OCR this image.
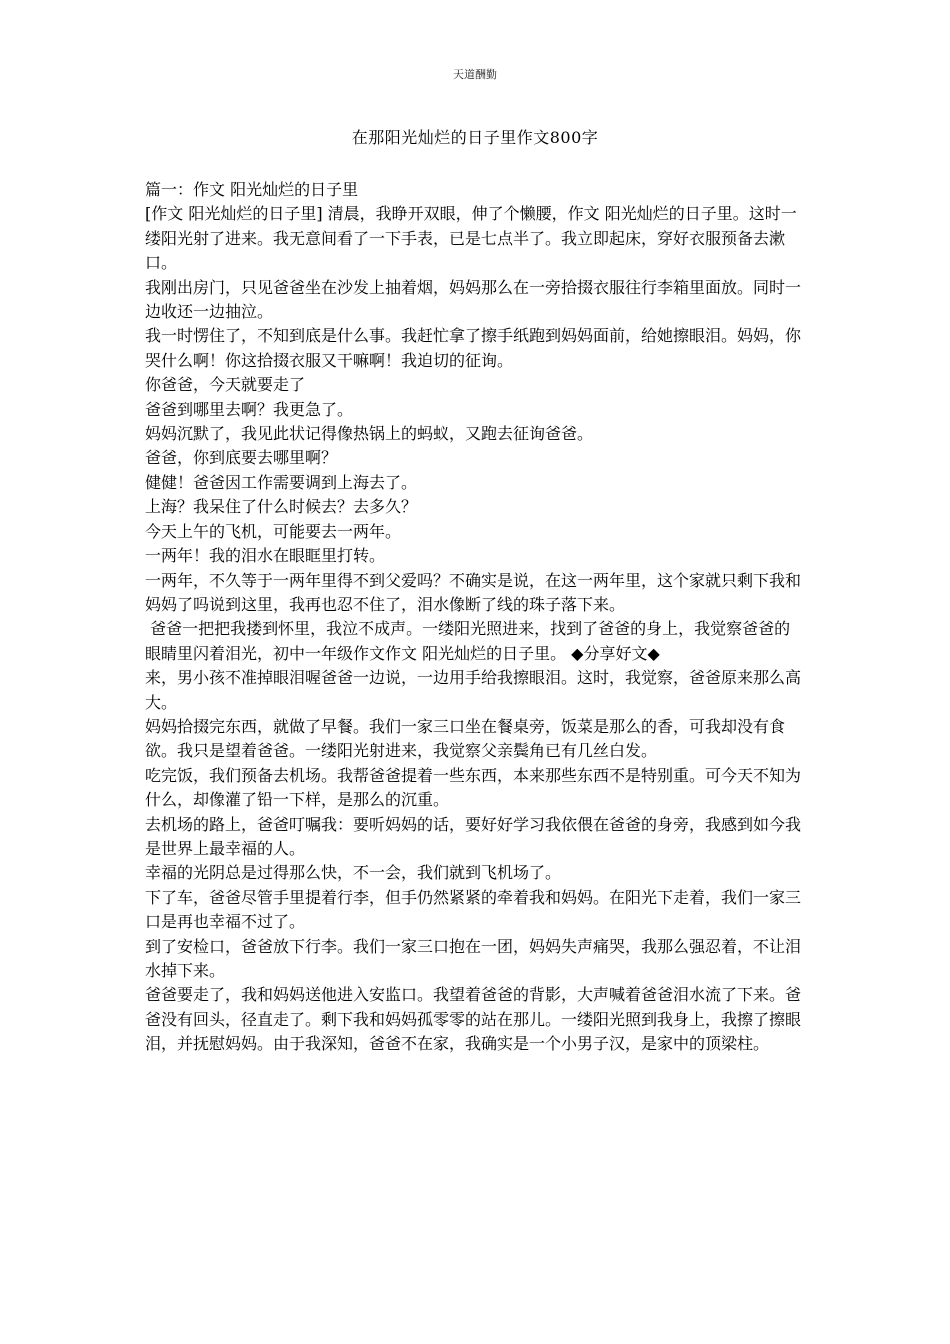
天道酬勤
在那阳光灿烂的日子里作文800字

篇一：作文 阳光灿烂的日子里

[作文 阳光灿烂的日子里] 清晨，我睁开双眼，伸了个懒腰，作文 阳光灿烂的日子里。这时一缕阳光射了进来。我无意间看了一下手表，已是七点半了。我立即起床，穿好衣服预备去漱口。

我刚出房门，只见爸爸坐在沙发上抽着烟，妈妈那么在一旁拾掇衣服往行李箱里面放。同时一边收还一边抽泣。

我一时愣住了，不知到底是什么事。我赶忙拿了擦手纸跑到妈妈面前，给她擦眼泪。妈妈，你哭什么啊！你这拾掇衣服又干嘛啊！我迫切的征询。

你爸爸，今天就要走了

爸爸到哪里去啊？我更急了。

妈妈沉默了，我见此状记得像热锅上的蚂蚁，又跑去征询爸爸。

爸爸，你到底要去哪里啊？

健健！爸爸因工作需要调到上海去了。

上海？我呆住了什么时候去？去多久？

今天上午的飞机，可能要去一两年。

一两年！我的泪水在眼眶里打转。

一两年，不久等于一两年里得不到父爱吗？不确实是说，在这一两年里，这个家就只剩下我和妈妈了吗说到这里，我再也忍不住了，泪水像断了线的珠子落下来。

爸爸一把把我搂到怀里，我泣不成声。一缕阳光照进来，找到了爸爸的身上，我觉察爸爸的眼睛里闪着泪光，初中一年级作文作文 阳光灿烂的日子里。 ◆分享好文◆

来，男小孩不准掉眼泪喔爸爸一边说，一边用手给我擦眼泪。这时，我觉察，爸爸原来那么高大。

妈妈拾掇完东西，就做了早餐。我们一家三口坐在餐桌旁，饭菜是那么的香，可我却没有食欲。我只是望着爸爸。一缕阳光射进来，我觉察父亲鬓角已有几丝白发。

吃完饭，我们预备去机场。我帮爸爸提着一些东西，本来那些东西不是特别重。可今天不知为什么，却像灌了铅一下样，是那么的沉重。

去机场的路上，爸爸叮嘱我：要听妈妈的话，要好好学习我依偎在爸爸的身旁，我感到如今我是世界上最幸福的人。

幸福的光阴总是过得那么快，不一会，我们就到飞机场了。

下了车，爸爸尽管手里提着行李，但手仍然紧紧的牵着我和妈妈。在阳光下走着，我们一家三口是再也幸福不过了。

到了安检口，爸爸放下行李。我们一家三口抱在一团，妈妈失声痛哭，我那么强忍着，不让泪水掉下来。

爸爸要走了，我和妈妈送他进入安监口。我望着爸爸的背影，大声喊着爸爸泪水流了下来。爸爸没有回头，径直走了。剩下我和妈妈孤零零的站在那儿。一缕阳光照到我身上，我擦了擦眼泪，并抚慰妈妈。由于我深知，爸爸不在家，我确实是一个小男子汉，是家中的顶梁柱。
